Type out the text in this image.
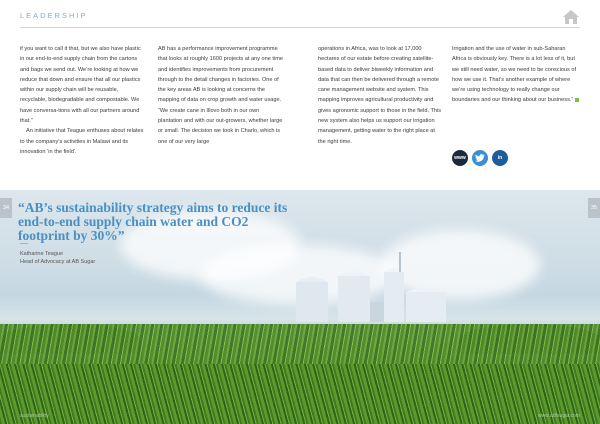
LEADERSHIP

if you want to call it that, but we also have plastic in our end-to-end supply chain from the cartons and bags we send out. We’re looking at how we reduce that down and ensure that all our plastics within our supply chain will be reusable, recyclable, biodegradable and compostable. We have conversa-tions with all our partners around that.”

An initiative that Teague enthuses about relates to the company’s activities in Malawi and its innovation ‘in the field’.

AB has a performance improvement programme that looks at roughly 1600 projects at any one time and identifies improvements from procurement through to the detail changes in factories. One of the key areas AB is looking at concerns the mapping of data on crop growth and water usage. “We create cane in Illovo both in our own plantation and with our out-growers, whether large or small. The decision we took in Charlo, which is one of our very large

operations in Africa, was to look at 17,000 hectares of our estate before creating satellite-based data to deliver biweekly information and data that can then be delivered through a remote cane management website and system. This mapping improves agricultural productivity and gives agronomic support to those in the field. This new system also helps us support our irrigation management, getting water to the right place at the right time.

Irrigation and the use of water in sub-Saharan Africa is obviously key. There is a lot less of it, but we still need water, so we need to be conscious of how we use it. That’s another example of where we’re using technology to really change our boundaries and our thinking about our business.”

www	in
34	35
“AB’s sustainability strategy aims to reduce its end-to-end supply chain water and CO2 footprint by 30%”
Katharine Teague
Head of Advocacy at AB Sugar
sustainability	www.abfsugar.com
